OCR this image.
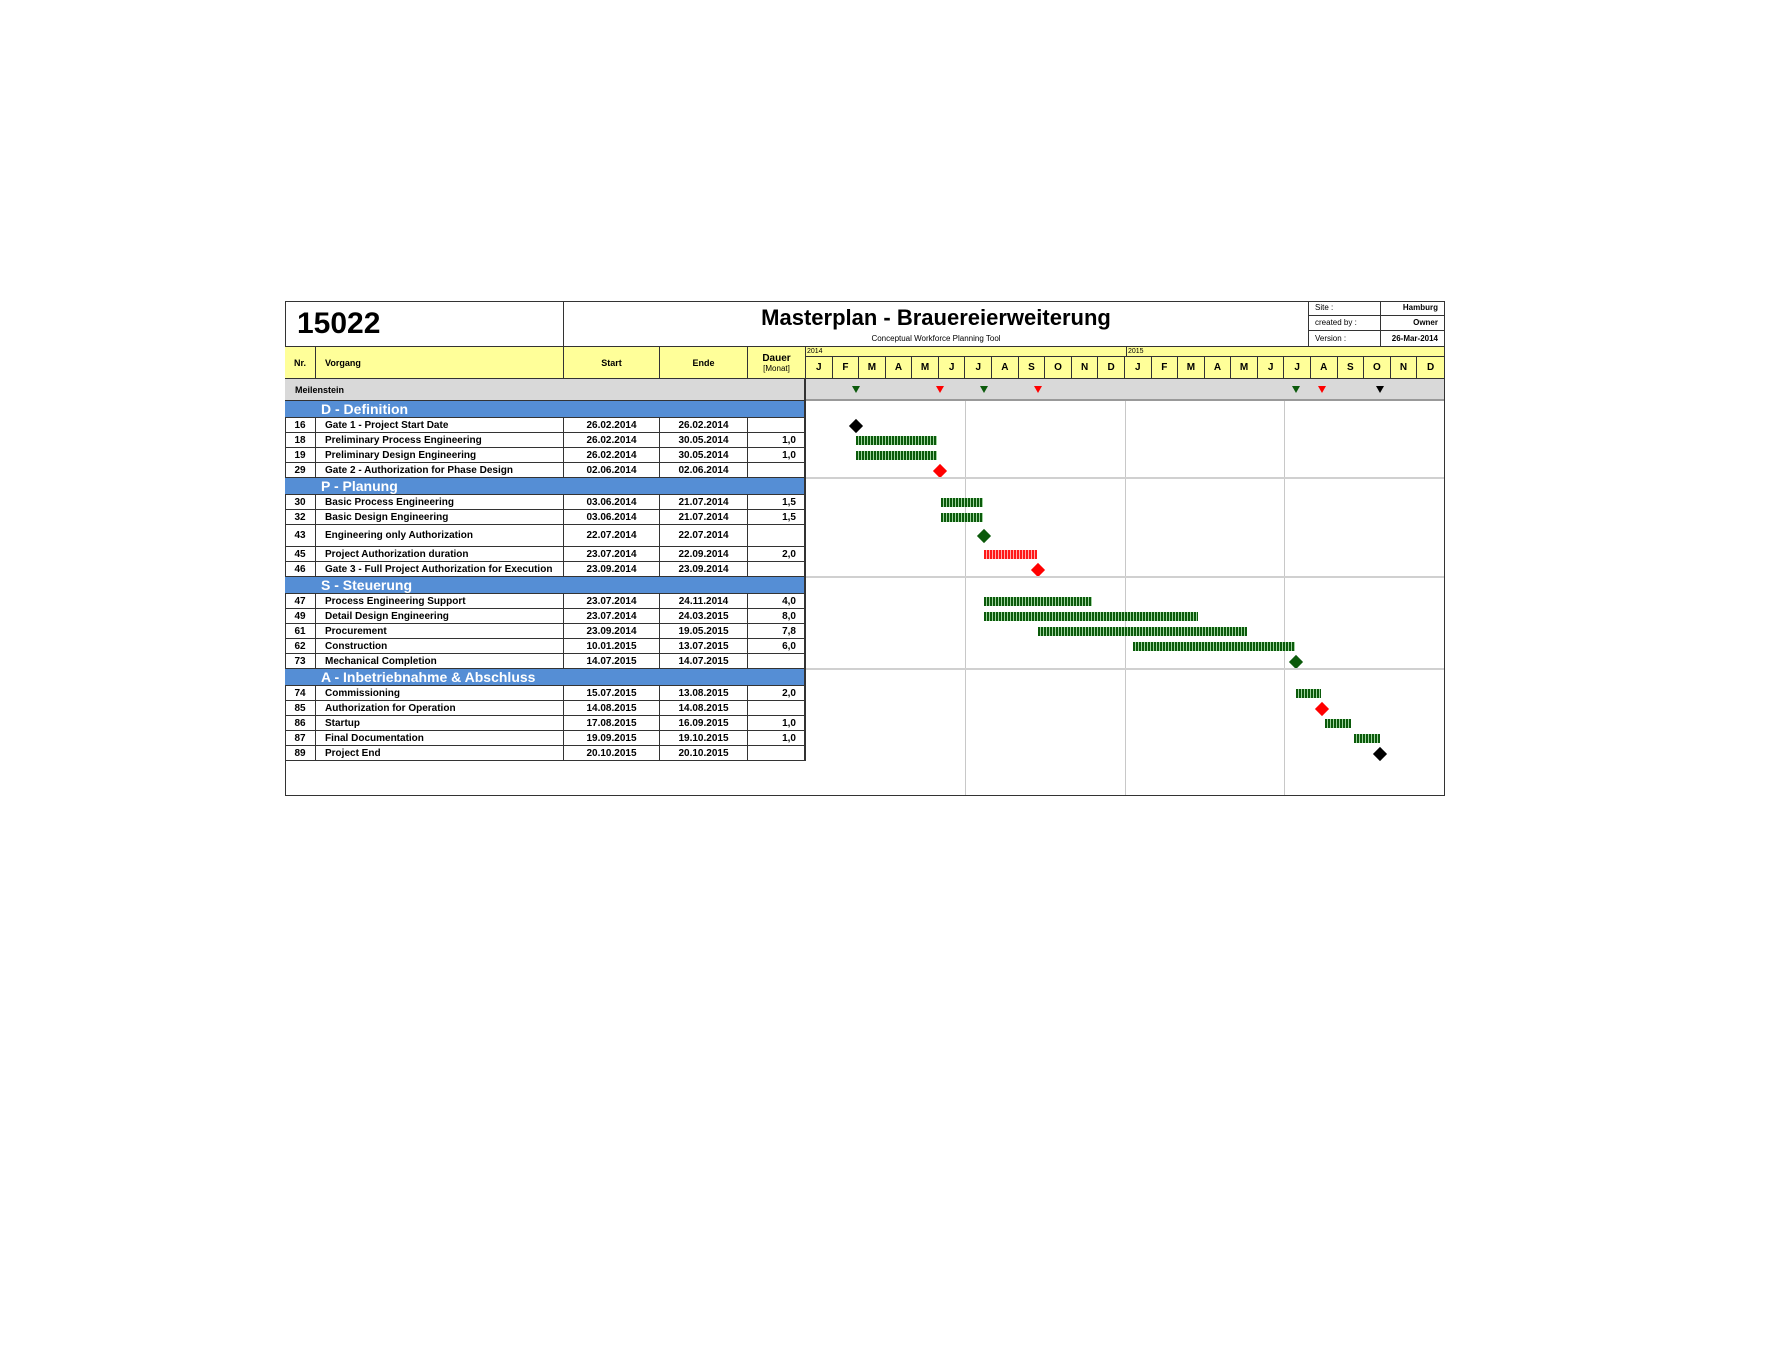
15022	Masterplan - Brauereierweiterung
Conceptual Workforce Planning Tool
Site :	Hamburg
created by :	Owner
Version :	26-Mar-2014
Nr.	Vorgang	Start	Ende	Dauer
[Monat]
2014	2015
J	F	M	A	M	J	J	A	S	O	N	D	J	F	M	A	M	J	J	A	S	O	N	D
Meilenstein
D - Definition
16	Gate 1 - Project Start Date	26.02.2014	26.02.2014
18	Preliminary Process Engineering	26.02.2014	30.05.2014	1,0
19	Preliminary Design Engineering	26.02.2014	30.05.2014	1,0
29	Gate 2 - Authorization for Phase Design	02.06.2014	02.06.2014
P - Planung
30	Basic Process Engineering	03.06.2014	21.07.2014	1,5
32	Basic Design Engineering	03.06.2014	21.07.2014	1,5
43	Engineering only Authorization	22.07.2014	22.07.2014
45	Project Authorization duration	23.07.2014	22.09.2014	2,0
46	Gate 3 - Full Project Authorization for Execution	23.09.2014	23.09.2014
S - Steuerung
47	Process Engineering Support	23.07.2014	24.11.2014	4,0
49	Detail Design Engineering	23.07.2014	24.03.2015	8,0
61	Procurement	23.09.2014	19.05.2015	7,8
62	Construction	10.01.2015	13.07.2015	6,0
73	Mechanical Completion	14.07.2015	14.07.2015
A - Inbetriebnahme & Abschluss
74	Commissioning	15.07.2015	13.08.2015	2,0
85	Authorization for Operation	14.08.2015	14.08.2015
86	Startup	17.08.2015	16.09.2015	1,0
87	Final Documentation	19.09.2015	19.10.2015	1,0
89	Project End	20.10.2015	20.10.2015
